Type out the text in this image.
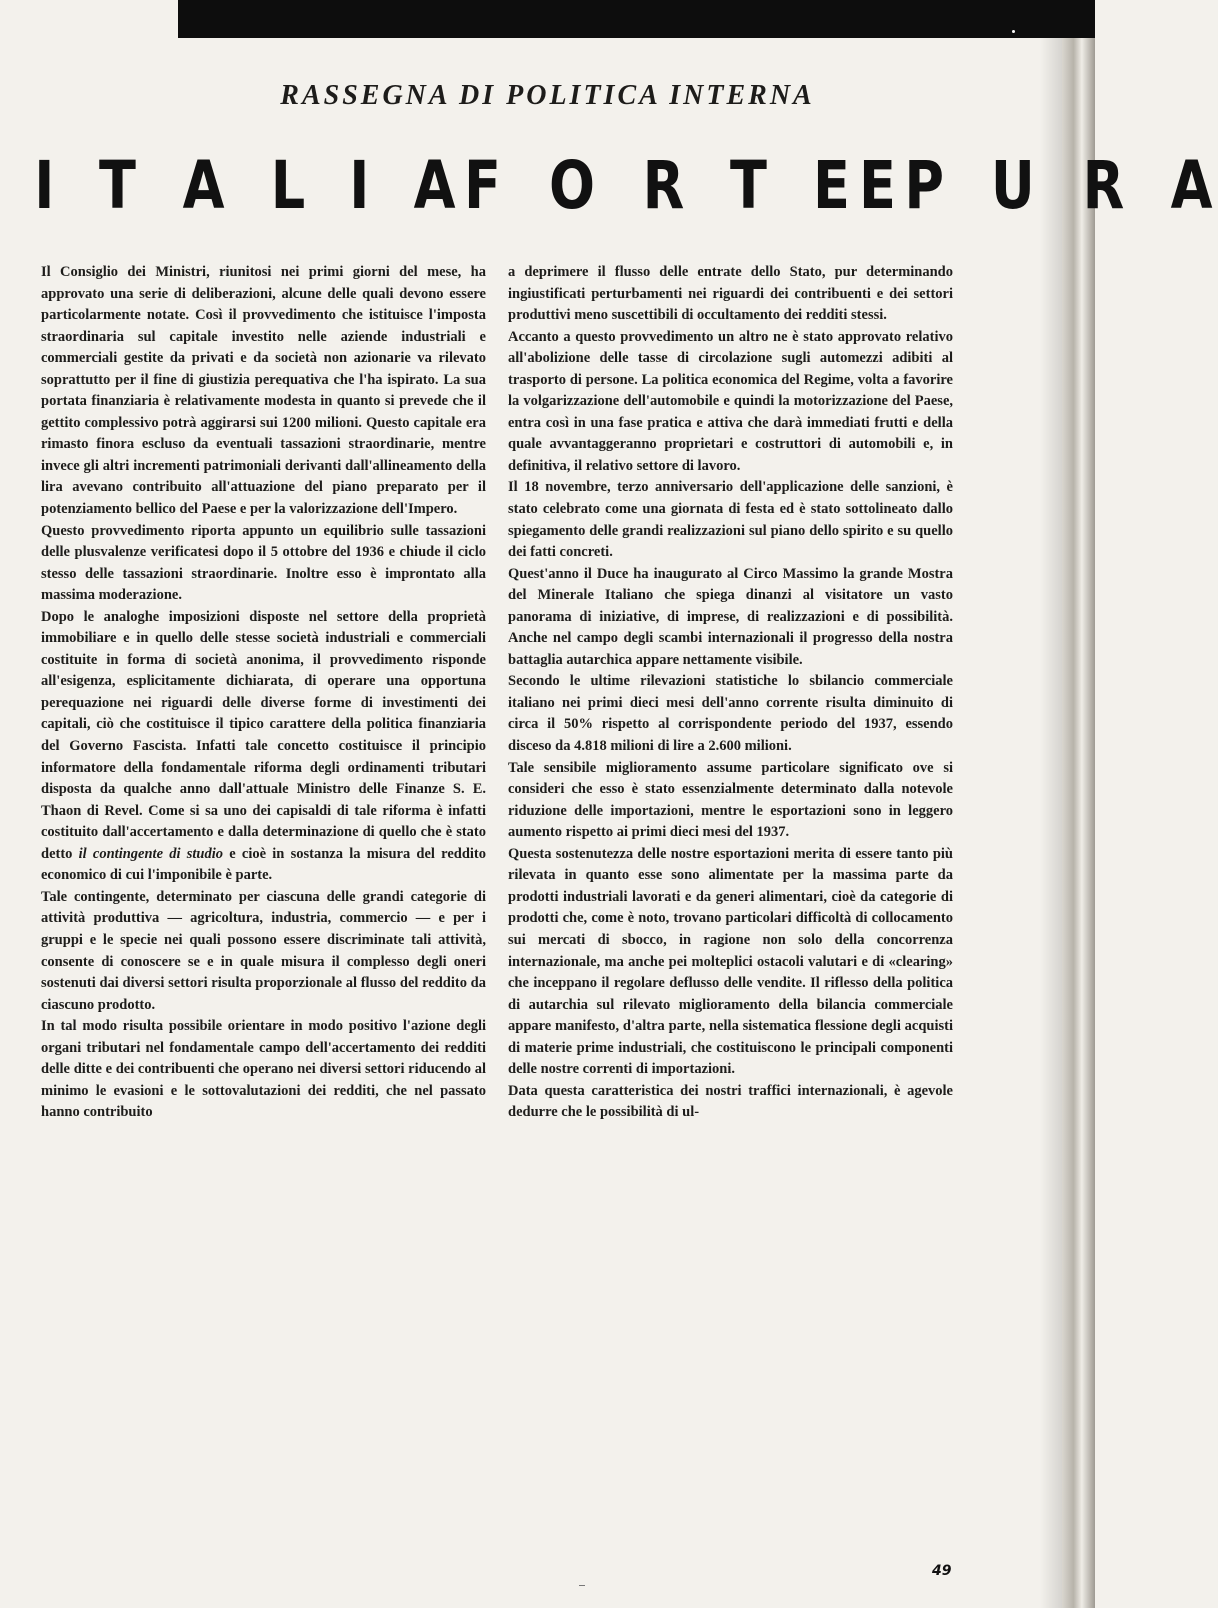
RASSEGNA DI POLITICA INTERNA
I T A L I A F O R T E E P U R A

Il Consiglio dei Ministri, riunitosi nei primi giorni del mese, ha approvato una serie di deliberazioni, alcune delle quali devono essere particolarmente notate. Così il provvedimento che istituisce l'imposta straordinaria sul capitale investito nelle aziende industriali e commerciali gestite da privati e da società non azionarie va rilevato soprattutto per il fine di giustizia perequativa che l'ha ispirato. La sua portata finanziaria è relativamente modesta in quanto si prevede che il gettito complessivo potrà aggirarsi sui 1200 milioni. Questo capitale era rimasto finora escluso da eventuali tassazioni straordinarie, mentre invece gli altri incrementi patrimoniali derivanti dall'allineamento della lira avevano contribuito all'attuazione del piano preparato per il potenziamento bellico del Paese e per la valorizzazione dell'Impero.

Questo provvedimento riporta appunto un equilibrio sulle tassazioni delle plusvalenze verificatesi dopo il 5 ottobre del 1936 e chiude il ciclo stesso delle tassazioni straordinarie. Inoltre esso è improntato alla massima moderazione.

Dopo le analoghe imposizioni disposte nel settore della proprietà immobiliare e in quello delle stesse società industriali e commerciali costituite in forma di società anonima, il provvedimento risponde all'esigenza, esplicitamente dichiarata, di operare una opportuna perequazione nei riguardi delle diverse forme di investimenti dei capitali, ciò che costituisce il tipico carattere della politica finanziaria del Governo Fascista. Infatti tale concetto costituisce il principio informatore della fondamentale riforma degli ordinamenti tributari disposta da qualche anno dall'attuale Ministro delle Finanze S. E. Thaon di Revel. Come si sa uno dei capisaldi di tale riforma è infatti costituito dall'accertamento e dalla determinazione di quello che è stato detto il contingente di studio e cioè in sostanza la misura del reddito economico di cui l'imponibile è parte.

Tale contingente, determinato per ciascuna delle grandi categorie di attività produttiva — agricoltura, industria, commercio — e per i gruppi e le specie nei quali possono essere discriminate tali attività, consente di conoscere se e in quale misura il complesso degli oneri sostenuti dai diversi settori risulta proporzionale al flusso del reddito da ciascuno prodotto.

In tal modo risulta possibile orientare in modo positivo l'azione degli organi tributari nel fondamentale campo dell'accertamento dei redditi delle ditte e dei contribuenti che operano nei diversi settori riducendo al minimo le evasioni e le sottovalutazioni dei redditi, che nel passato hanno contribuito

a deprimere il flusso delle entrate dello Stato, pur determinando ingiustificati perturbamenti nei riguardi dei contribuenti e dei settori produttivi meno suscettibili di occultamento dei redditi stessi.

Accanto a questo provvedimento un altro ne è stato approvato relativo all'abolizione delle tasse di circolazione sugli automezzi adibiti al trasporto di persone. La politica economica del Regime, volta a favorire la volgarizzazione dell'automobile e quindi la motorizzazione del Paese, entra così in una fase pratica e attiva che darà immediati frutti e della quale avvantaggeranno proprietari e costruttori di automobili e, in definitiva, il relativo settore di lavoro.

Il 18 novembre, terzo anniversario dell'applicazione delle sanzioni, è stato celebrato come una giornata di festa ed è stato sottolineato dallo spiegamento delle grandi realizzazioni sul piano dello spirito e su quello dei fatti concreti.

Quest'anno il Duce ha inaugurato al Circo Massimo la grande Mostra del Minerale Italiano che spiega dinanzi al visitatore un vasto panorama di iniziative, di imprese, di realizzazioni e di possibilità. Anche nel campo degli scambi internazionali il progresso della nostra battaglia autarchica appare nettamente visibile.

Secondo le ultime rilevazioni statistiche lo sbilancio commerciale italiano nei primi dieci mesi dell'anno corrente risulta diminuito di circa il 50% rispetto al corrispondente periodo del 1937, essendo disceso da 4.818 milioni di lire a 2.600 milioni.

Tale sensibile miglioramento assume particolare significato ove si consideri che esso è stato essenzialmente determinato dalla notevole riduzione delle importazioni, mentre le esportazioni sono in leggero aumento rispetto ai primi dieci mesi del 1937.

Questa sostenutezza delle nostre esportazioni merita di essere tanto più rilevata in quanto esse sono alimentate per la massima parte da prodotti industriali lavorati e da generi alimentari, cioè da categorie di prodotti che, come è noto, trovano particolari difficoltà di collocamento sui mercati di sbocco, in ragione non solo della concorrenza internazionale, ma anche pei molteplici ostacoli valutari e di «clearing» che inceppano il regolare deflusso delle vendite. Il riflesso della politica di autarchia sul rilevato miglioramento della bilancia commerciale appare manifesto, d'altra parte, nella sistematica flessione degli acquisti di materie prime industriali, che costituiscono le principali componenti delle nostre correnti di importazioni.

Data questa caratteristica dei nostri traffici internazionali, è agevole dedurre che le possibilità di ul-

49
